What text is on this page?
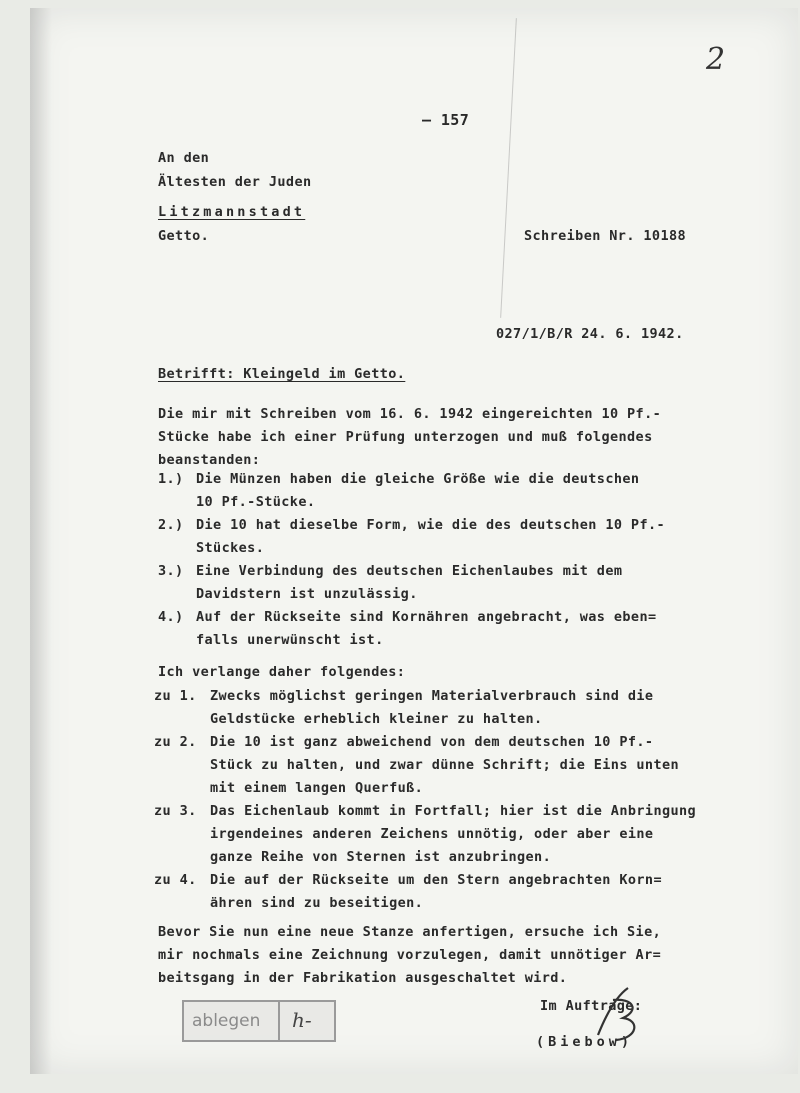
2
— 157
An den
Ältesten der Juden
Litzmannstadt
Getto.	Schreiben Nr. 10188
027/1/B/R 24. 6. 1942.
Betrifft: Kleingeld im Getto.
Die mir mit Schreiben vom 16. 6. 1942 eingereichten 10 Pf.-
Stücke habe ich einer Prüfung unterzogen und muß folgendes
beanstanden:
1.) Die Münzen haben die gleiche Größe wie die deutschen
10 Pf.-Stücke.
2.) Die 10 hat dieselbe Form, wie die des deutschen 10 Pf.-
Stückes.
3.) Eine Verbindung des deutschen Eichenlaubes mit dem
Davidstern ist unzulässig.
4.) Auf der Rückseite sind Kornähren angebracht, was eben=
falls unerwünscht ist.
Ich verlange daher folgendes:
zu 1. Zwecks möglichst geringen Materialverbrauch sind die
Geldstücke erheblich kleiner zu halten.
zu 2. Die 10 ist ganz abweichend von dem deutschen 10 Pf.-
Stück zu halten, und zwar dünne Schrift; die Eins unten
mit einem langen Querfuß.
zu 3. Das Eichenlaub kommt in Fortfall; hier ist die Anbringung
irgendeines anderen Zeichens unnötig, oder aber eine
ganze Reihe von Sternen ist anzubringen.
zu 4. Die auf der Rückseite um den Stern angebrachten Korn=
ähren sind zu beseitigen.
Bevor Sie nun eine neue Stanze anfertigen, ersuche ich Sie,
mir nochmals eine Zeichnung vorzulegen, damit unnötiger Ar=
beitsgang in der Fabrikation ausgeschaltet wird.
Im Auftrage:
(Biebow)
ablegen h-
